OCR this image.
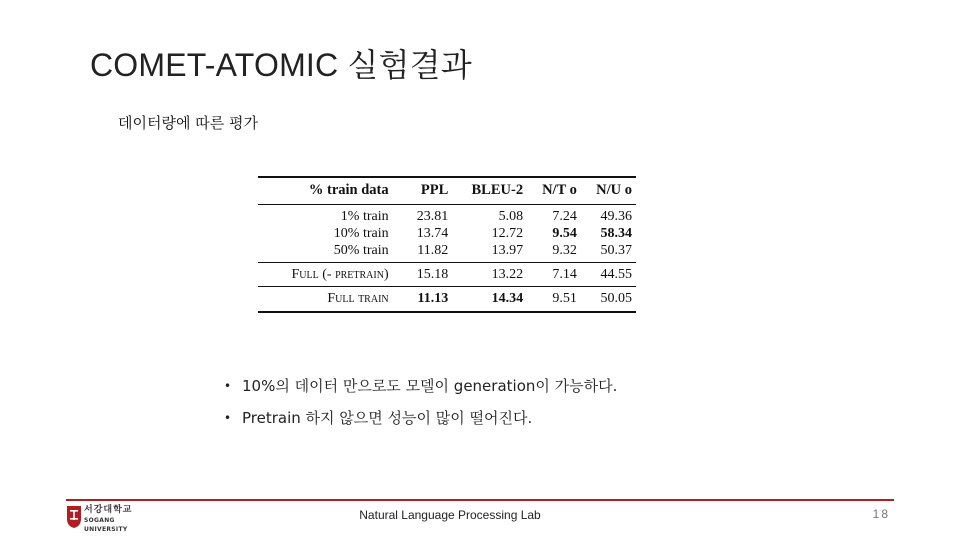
COMET-ATOMIC 실험결과
데이터량에 따른 평가
% train data	PPL	BLEU-2	N/T o	N/U o
1% train	23.81	5.08	7.24	49.36
10% train	13.74	12.72	9.54	58.34
50% train	11.82	13.97	9.32	50.37
Full (- pretrain)	15.18	13.22	7.14	44.55
Full train	11.13	14.34	9.51	50.05
• 10%의 데이터 만으로도 모델이 generation이 가능하다.
• Pretrain 하지 않으면 성능이 많이 떨어진다.
서강대학교
SOGANG UNIVERSITY
Natural Language Processing Lab	18
